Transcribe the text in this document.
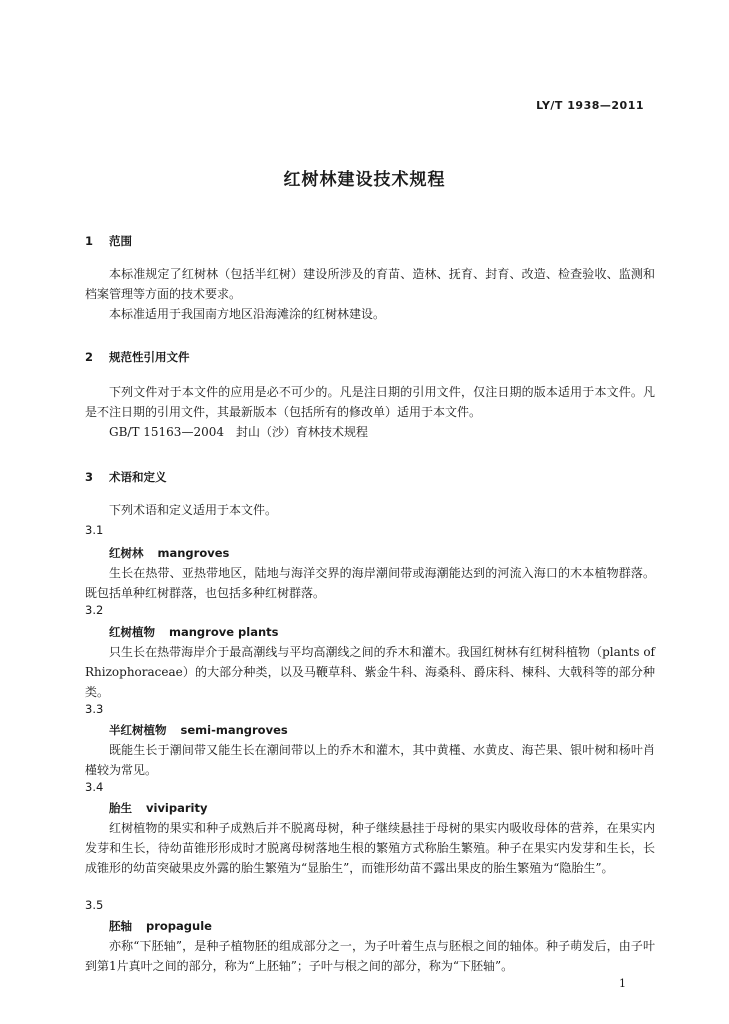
LY/T 1938—2011
红树林建设技术规程
1 范围
本标准规定了红树林（包括半红树）建设所涉及的育苗、造林、抚育、封育、改造、检查验收、监测和档案管理等方面的技术要求。
本标准适用于我国南方地区沿海滩涂的红树林建设。
2 规范性引用文件
下列文件对于本文件的应用是必不可少的。凡是注日期的引用文件，仅注日期的版本适用于本文件。凡是不注日期的引用文件，其最新版本（包括所有的修改单）适用于本文件。
GB/T 15163—2004　封山（沙）育林技术规程
3 术语和定义
下列术语和定义适用于本文件。
3.1
红树林 mangroves
生长在热带、亚热带地区，陆地与海洋交界的海岸潮间带或海潮能达到的河流入海口的木本植物群落。既包括单种红树群落，也包括多种红树群落。
3.2
红树植物 mangrove plants
只生长在热带海岸介于最高潮线与平均高潮线之间的乔木和灌木。我国红树林有红树科植物（plants of Rhizophoraceae）的大部分种类，以及马鞭草科、紫金牛科、海桑科、爵床科、楝科、大戟科等的部分种类。
3.3
半红树植物 semi-mangroves
既能生长于潮间带又能生长在潮间带以上的乔木和灌木，其中黄槿、水黄皮、海芒果、银叶树和杨叶肖槿较为常见。
3.4
胎生 viviparity
红树植物的果实和种子成熟后并不脱离母树，种子继续悬挂于母树的果实内吸收母体的营养，在果实内发芽和生长，待幼苗锥形形成时才脱离母树落地生根的繁殖方式称胎生繁殖。种子在果实内发芽和生长，长成锥形的幼苗突破果皮外露的胎生繁殖为“显胎生”，而锥形幼苗不露出果皮的胎生繁殖为“隐胎生”。
3.5
胚轴 propagule
亦称“下胚轴”，是种子植物胚的组成部分之一，为子叶着生点与胚根之间的轴体。种子萌发后，由子叶到第1片真叶之间的部分，称为“上胚轴”；子叶与根之间的部分，称为“下胚轴”。
1
